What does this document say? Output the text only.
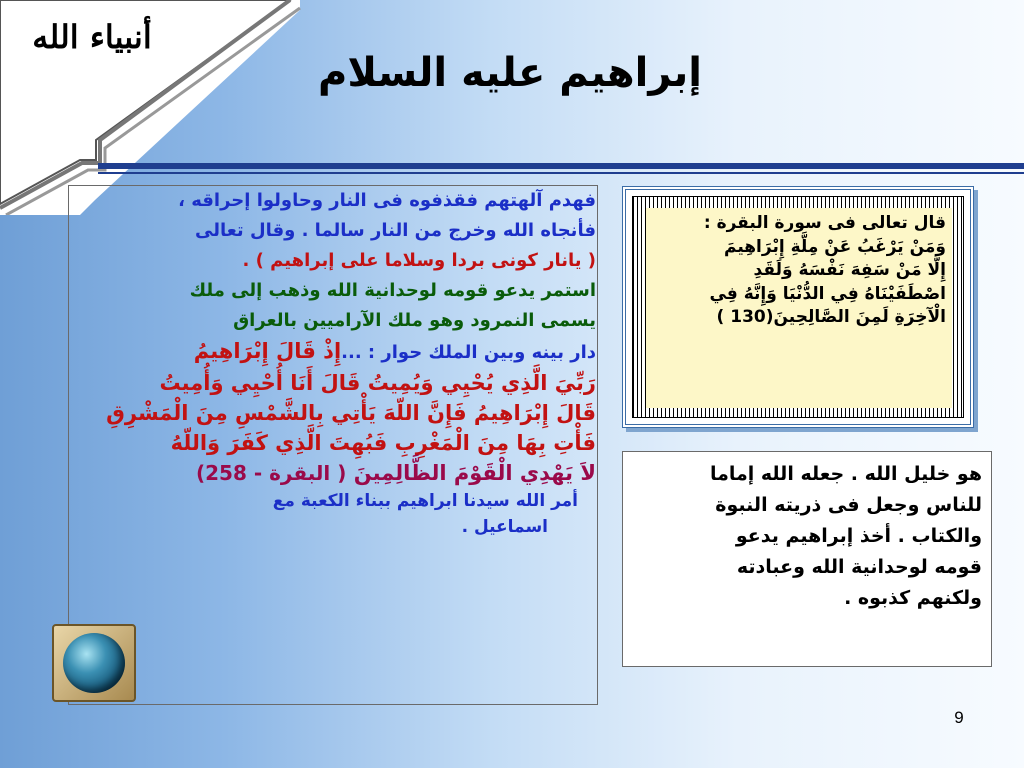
أنبياء الله
إبراهيم عليه السلام

فهدم آلهتهم فقذفوه فى النار وحاولوا إحراقه ،

فأنجاه الله وخرج من النار سالما . وقال تعالى

( يانار كونى بردا وسلاما على إبراهيم ) .

استمر يدعو قومه لوحدانية الله وذهب إلى ملك

يسمى النمرود وهو ملك الآراميين بالعراق

دار بينه وبين الملك حوار : ...إِذْ قَالَ إِبْرَاهِيمُ

رَبِّيَ الَّذِي يُحْيِي وَيُمِيتُ قَالَ أَنَا أُحْيِي وَأُمِيتُ

قَالَ إِبْرَاهِيمُ فَإِنَّ اللّهَ يَأْتِي بِالشَّمْسِ مِنَ الْمَشْرِقِ

فَأْتِ بِهَا مِنَ الْمَغْرِبِ فَبُهِتَ الَّذِي كَفَرَ وَاللّهُ

لاَ يَهْدِي الْقَوْمَ الظَّالِمِينَ ( البقرة - 258)

أمر الله سيدنا ابراهيم ببناء الكعبة مع

اسماعيل .

قال تعالى فى سورة البقرة :
وَمَنْ يَرْغَبُ عَنْ مِلَّةِ إِبْرَاهِيمَ
إِلَّا مَنْ سَفِهَ نَفْسَهُ وَلَقَدِ
اصْطَفَيْنَاهُ فِي الدُّنْيَا وَإِنَّهُ فِي
الْآخِرَةِ لَمِنَ الصَّالِحِينَ(130 )
هو خليل الله . جعله الله إماما
للناس وجعل فى ذريته النبوة
والكتاب . أخذ إبراهيم يدعو
قومه لوحدانية الله وعبادته
ولكنهم كذبوه .
9
